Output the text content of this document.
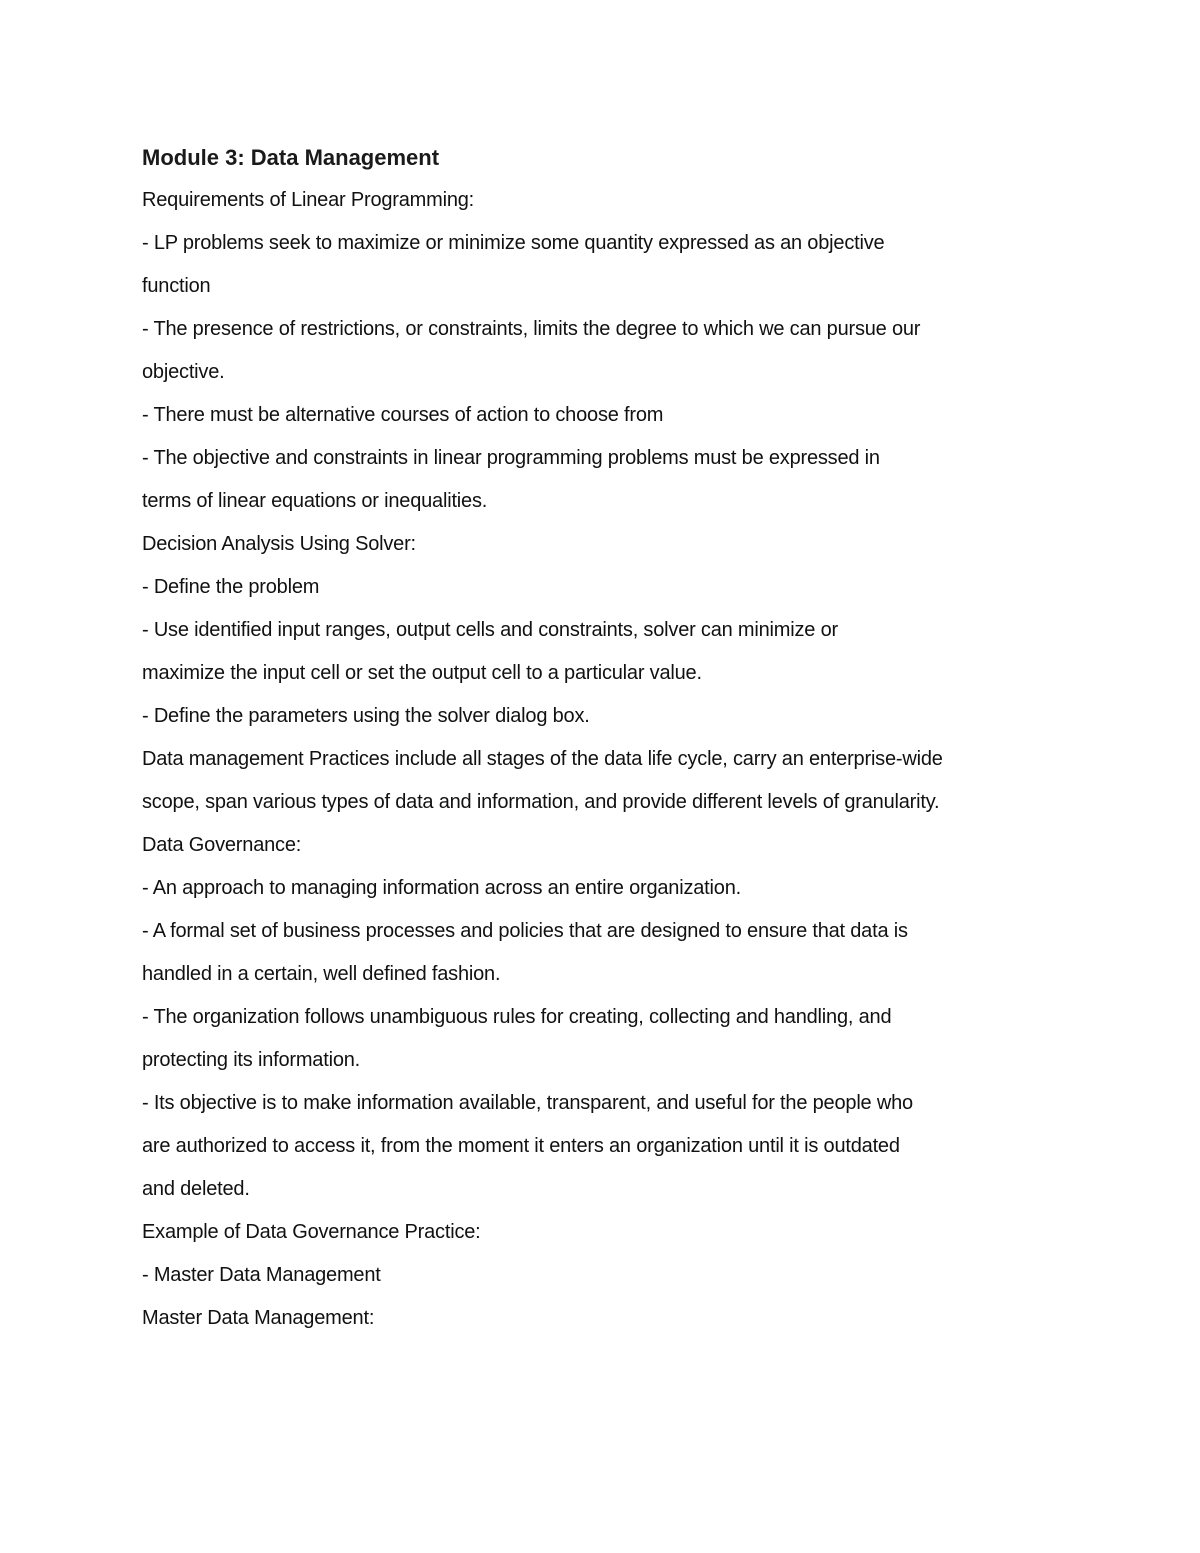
Module 3: Data Management
Requirements of Linear Programming:
- LP problems seek to maximize or minimize some quantity expressed as an objective
function
- The presence of restrictions, or constraints, limits the degree to which we can pursue our
objective.
- There must be alternative courses of action to choose from
- The objective and constraints in linear programming problems must be expressed in
terms of linear equations or inequalities.
Decision Analysis Using Solver:
- Define the problem
- Use identified input ranges, output cells and constraints, solver can minimize or
maximize the input cell or set the output cell to a particular value.
- Define the parameters using the solver dialog box.
Data management Practices include all stages of the data life cycle, carry an enterprise-wide
scope, span various types of data and information, and provide different levels of granularity.
Data Governance:
- An approach to managing information across an entire organization.
- A formal set of business processes and policies that are designed to ensure that data is
handled in a certain, well defined fashion.
- The organization follows unambiguous rules for creating, collecting and handling, and
protecting its information.
- Its objective is to make information available, transparent, and useful for the people who
are authorized to access it, from the moment it enters an organization until it is outdated
and deleted.
Example of Data Governance Practice:
- Master Data Management
Master Data Management:
